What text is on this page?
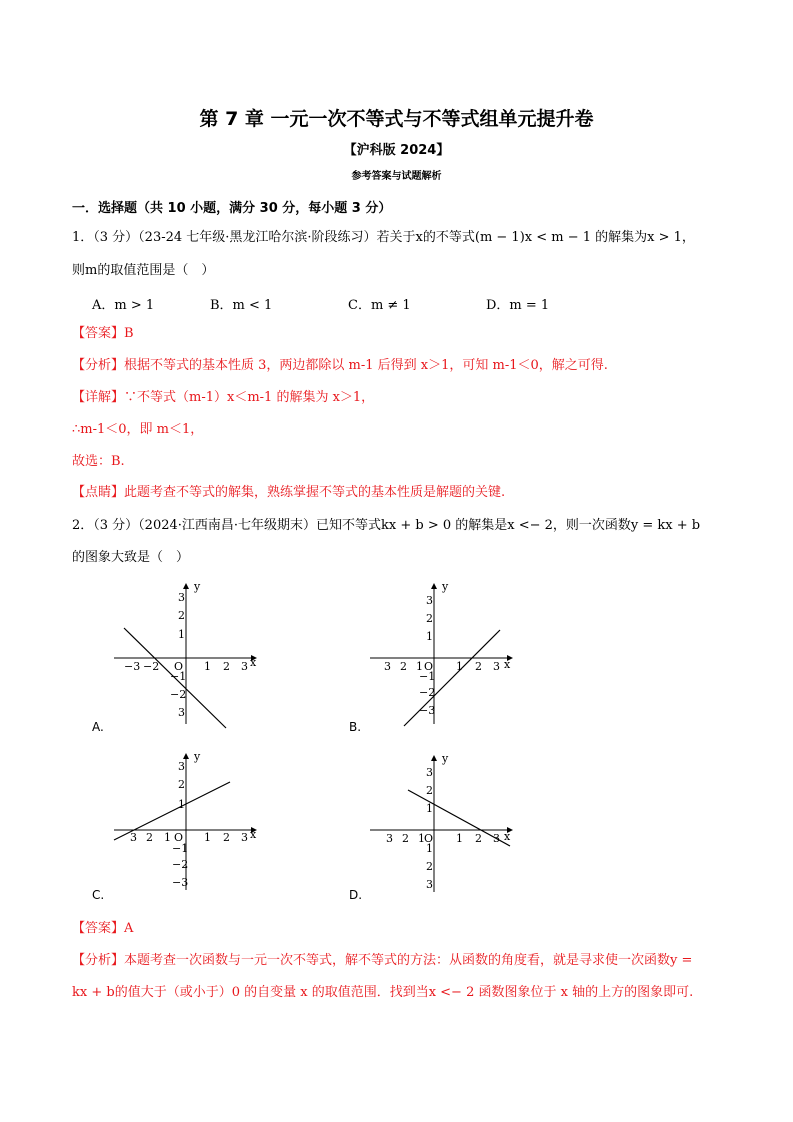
第 7 章 一元一次不等式与不等式组单元提升卷
【沪科版 2024】
参考答案与试题解析
一．选择题（共 10 小题，满分 30 分，每小题 3 分）
1．（3 分）（23-24 七年级·黑龙江哈尔滨·阶段练习）若关于x的不等式(m − 1)x < m − 1 的解集为x > 1，
则m的取值范围是（　）
A．m > 1	B．m < 1	C．m ≠ 1	D．m = 1
【答案】B
【分析】根据不等式的基本性质 3，两边都除以 m-1 后得到 x＞1，可知 m-1＜0，解之可得.
【详解】∵不等式（m-1）x＜m-1 的解集为 x＞1，
∴m-1＜0，即 m＜1，
故选：B.
【点睛】此题考查不等式的解集，熟练掌握不等式的基本性质是解题的关键.
2．（3 分）（2024·江西南昌·七年级期末）已知不等式kx + b > 0 的解集是x <− 2，则一次函数y = kx + b
的图象大致是（　）
y
x
O
−3 −2	1 2 3
3
2
1
−1
−2
3
A.
y
x
O
3 2 1	1 2 3
3
2
1
−1
−2
−3
B.
y
x
O
3 2 1	1 2 3
3
2
1
−1
−2
−3
C.
y
x
O
3 2 1	1 2 3
3
2
1
1
2
3
D.
【答案】A
【分析】本题考查一次函数与一元一次不等式，解不等式的方法：从函数的角度看，就是寻求使一次函数y =
kx + b的值大于（或小于）0 的自变量 x 的取值范围．找到当x <− 2 函数图象位于 x 轴的上方的图象即可.
